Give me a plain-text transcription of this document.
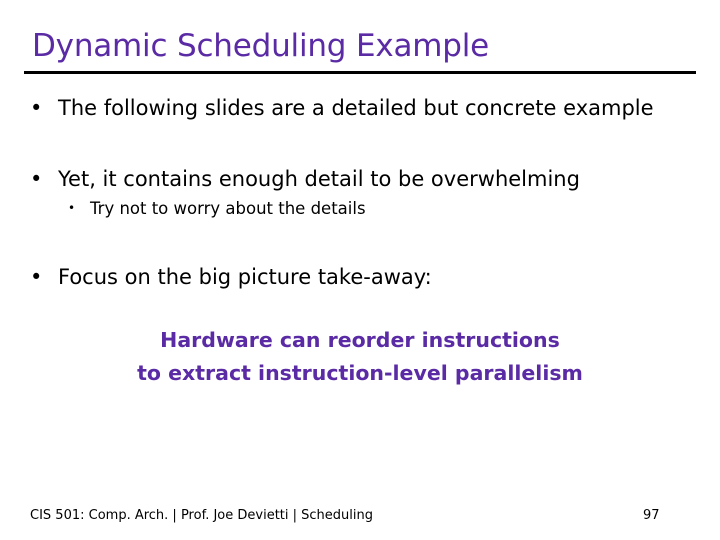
Dynamic Scheduling Example
• The following slides are a detailed but concrete example
• Yet, it contains enough detail to be overwhelming
• Try not to worry about the details
• Focus on the big picture take-away:
Hardware can reorder instructions
to extract instruction-level parallelism
CIS 501: Comp. Arch. | Prof. Joe Devietti | Scheduling	97
